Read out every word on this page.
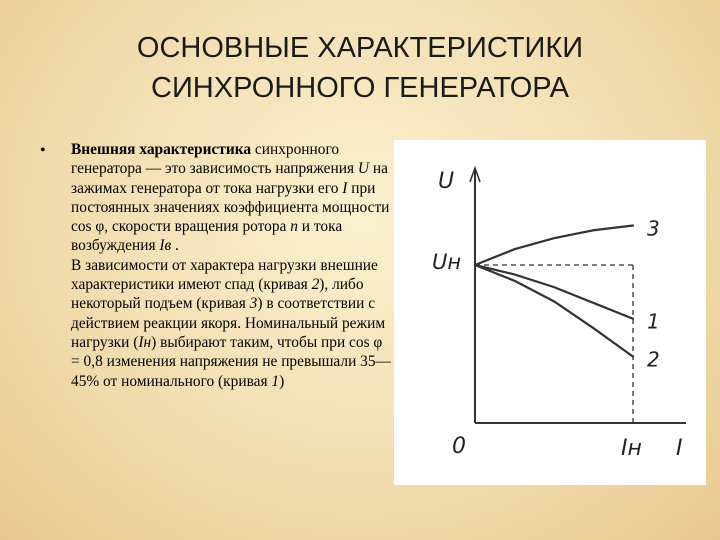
ОСНОВНЫЕ ХАРАКТЕРИСТИКИ
СИНХРОННОГО ГЕНЕРАТОРА
• Внешняя характеристика синхронного генератора — это зависимость напряжения U на зажимах генератора от тока нагрузки его I при постоянных значениях коэффициента мощности cos φ, скорости вращения ротора n и тока возбуждения Iв .
В зависимости от характера нагрузки внешние характеристики имеют спад (кривая 2), либо некоторый подъем (кривая 3) в соответствии с действием реакции якоря. Номинальный режим нагрузки (Iн) выбирают таким, чтобы при cos φ = 0,8 изменения напряжения не превышали 35—45% от номинального (кривая 1)
3
1
2
U
Uн
0	Iн I
